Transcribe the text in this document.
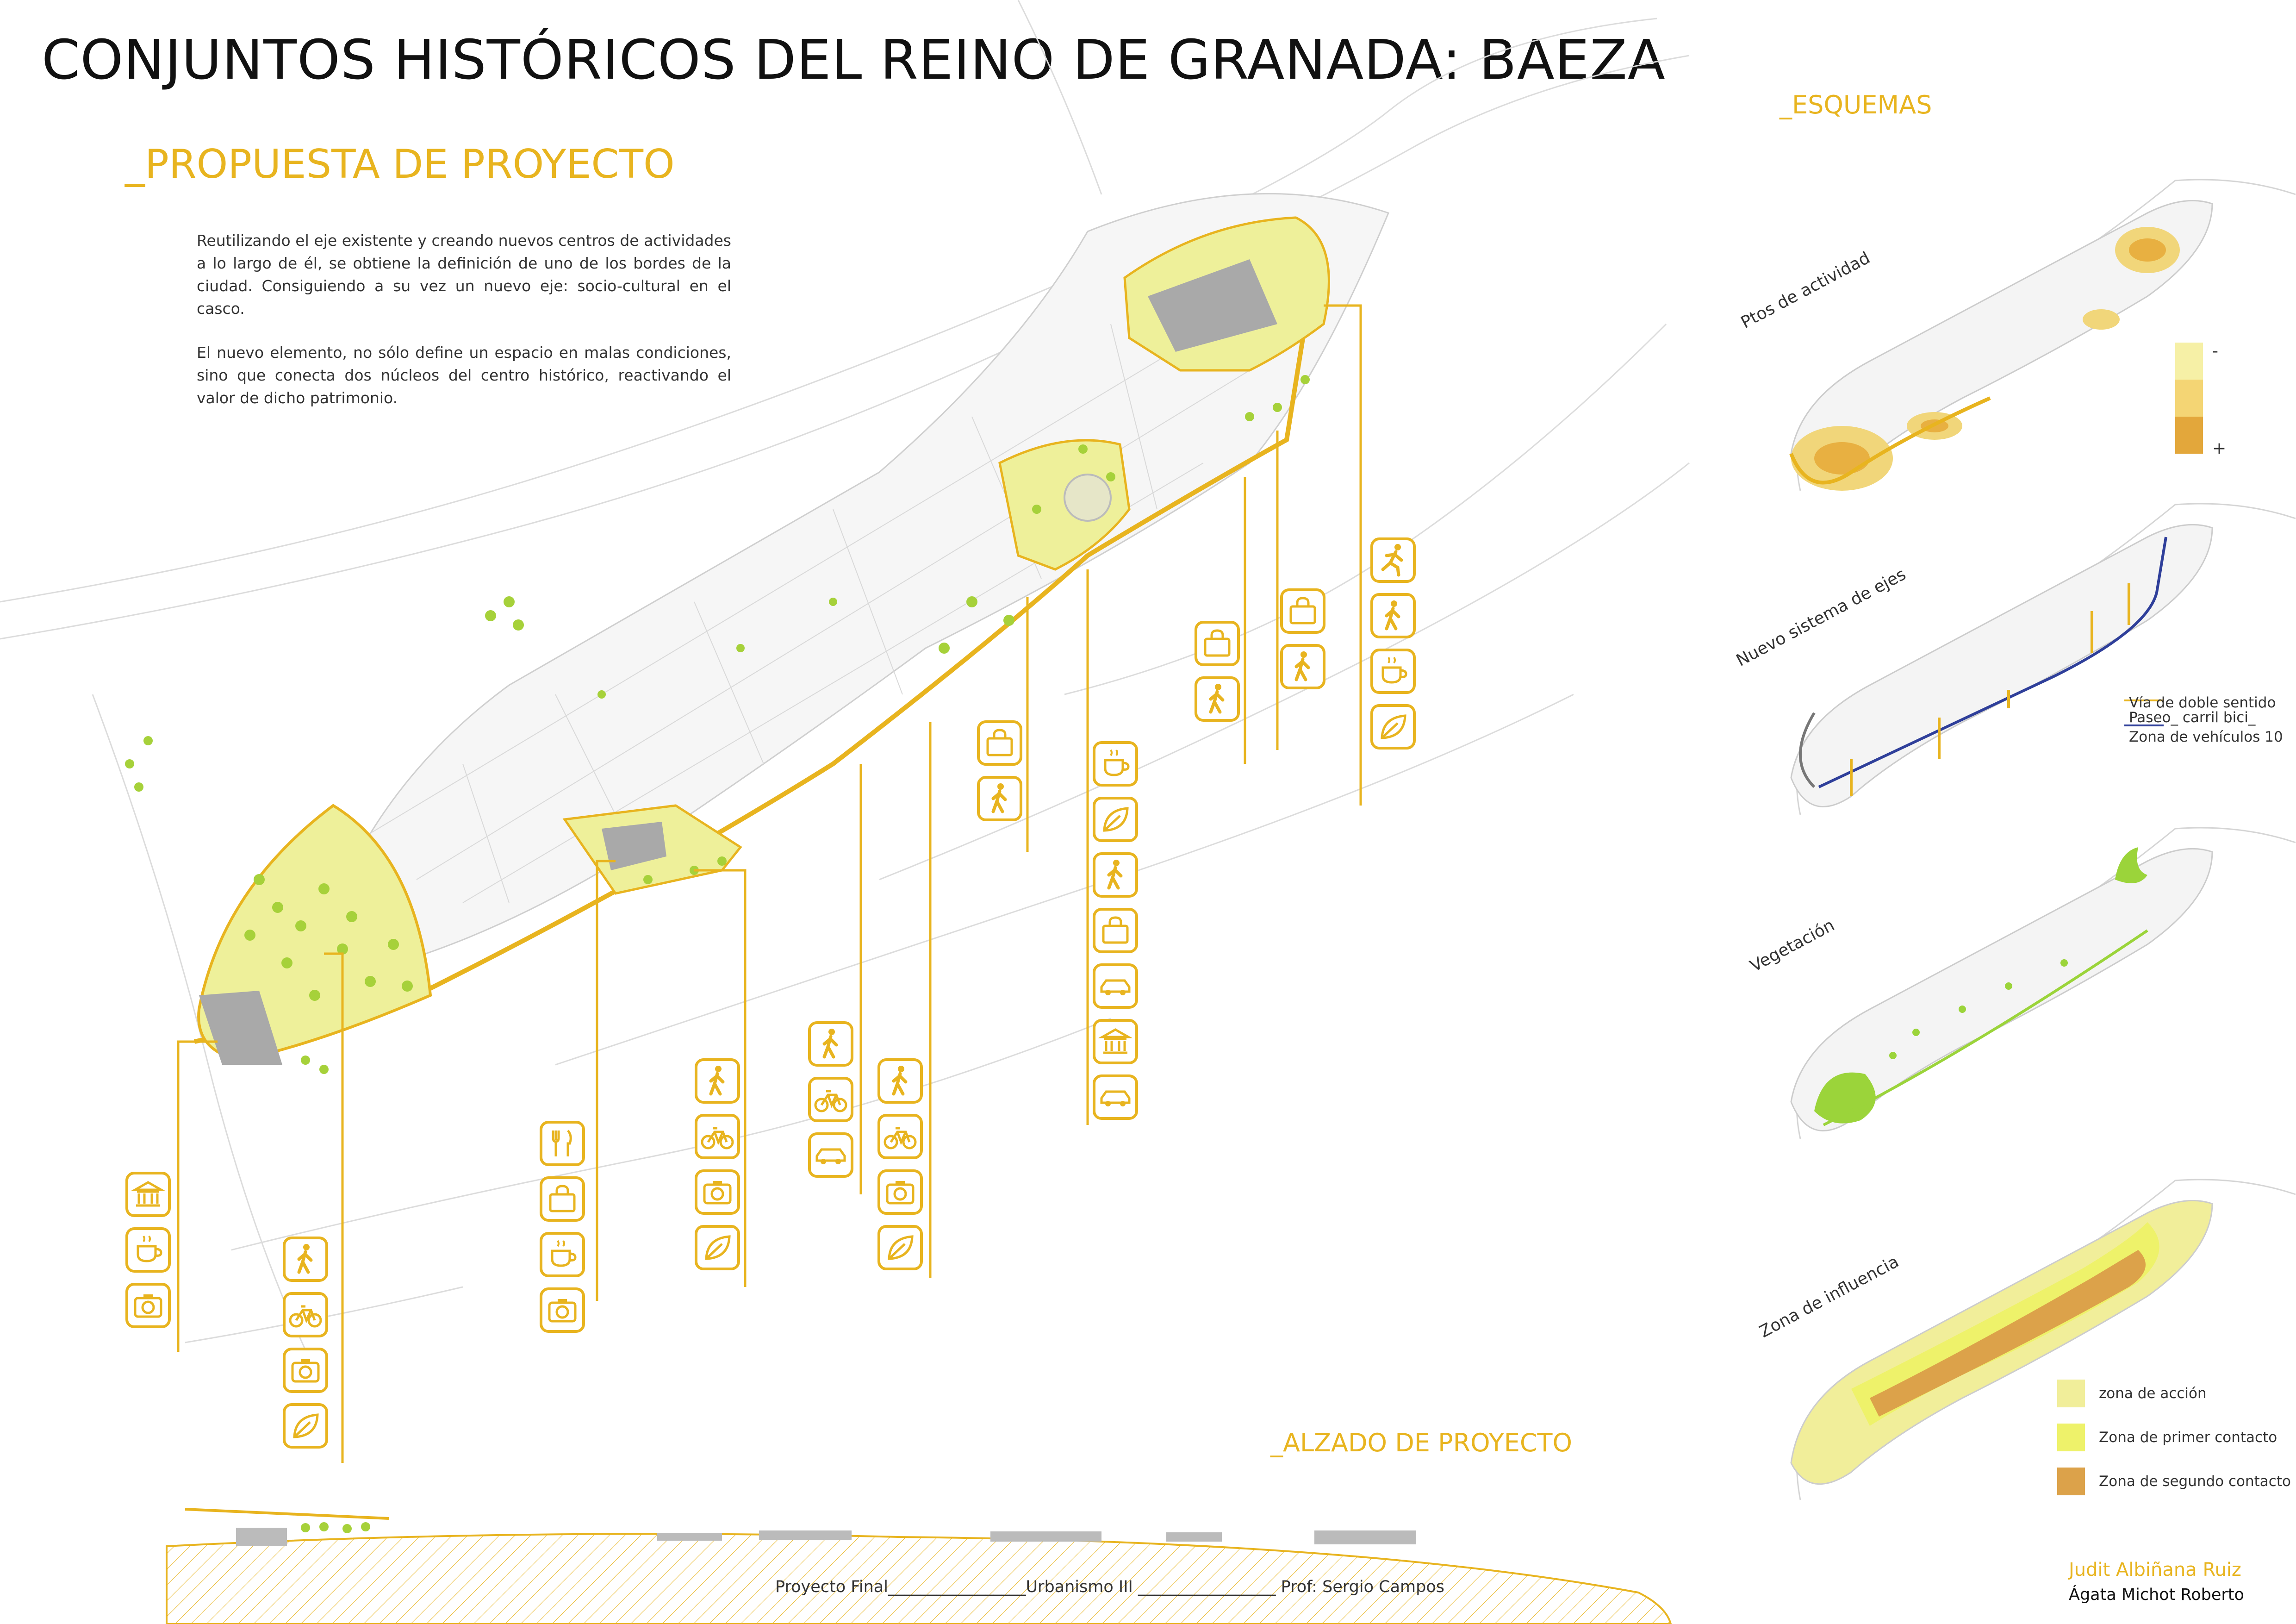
CONJUNTOS HISTÓRICOS DEL REINO DE GRANADA: BAEZA
_PROPUESTA DE PROYECTO

Reutilizando el eje existente y creando nuevos centros de actividades a lo largo de él, se obtiene la definición de uno de los bordes de la ciudad. Consiguiendo a su vez un nuevo eje: socio-cultural en el casco.

El nuevo elemento, no sólo define un espacio en malas condiciones, sino que conecta dos núcleos del centro histórico, reactivando el valor de dicho patrimonio.

_ALZADO DE PROYECTO
_ESQUEMAS
Ptos de actividad
-
+
Nuevo sistema de ejes
Vía de doble sentido
Paseo_ carril bici_
Zona de vehículos 10
Vegetación
Zona de influencia
zona de acción
Zona de primer contacto
Zona de segundo contacto
Proyecto Final_________________Urbanismo III _________________ Prof: Sergio Campos
Judit Albiñana Ruiz
Ágata Michot Roberto
